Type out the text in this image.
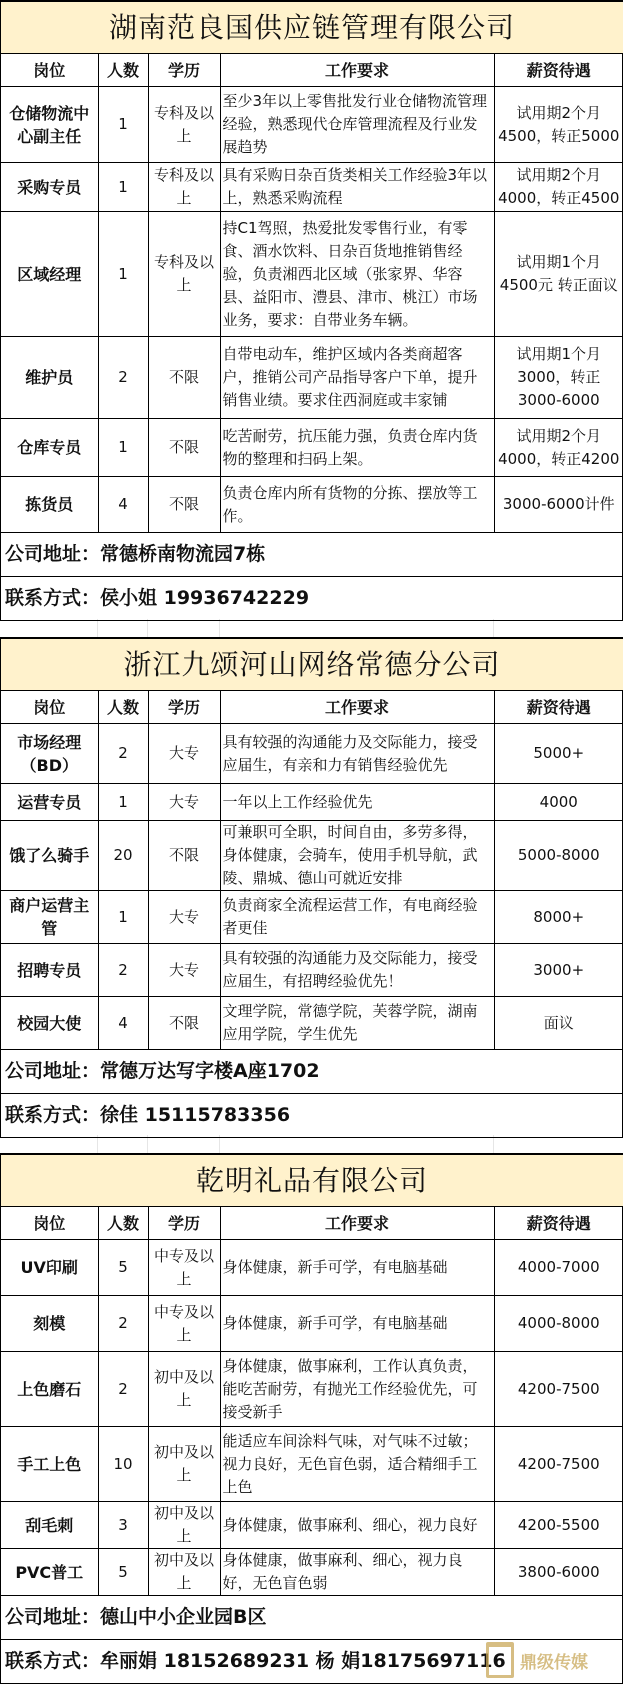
湖南范良国供应链管理有限公司				
岗位	人数	学历	工作要求	薪资待遇
仓储物流中心副主任	1	专科及以上	至少3年以上零售批发行业仓储物流管理经验，熟悉现代仓库管理流程及行业发展趋势	试用期2个月4500，转正5000
采购专员	1	专科及以上	具有采购日杂百货类相关工作经验3年以上，熟悉采购流程	试用期2个月4000，转正4500
区域经理	1	专科及以上	持C1驾照，热爱批发零售行业，有零食、酒水饮料、日杂百货地推销售经验，负责湘西北区域（张家界、华容县、益阳市、澧县、津市、桃江）市场业务，要求：自带业务车辆。	试用期1个月 4500元 转正面议
维护员	2	不限	自带电动车，维护区域内各类商超客户，推销公司产品指导客户下单，提升销售业绩。要求住西洞庭或丰家铺	试用期1个月3000，转正3000-6000
仓库专员	1	不限	吃苦耐劳，抗压能力强，负责仓库内货物的整理和扫码上架。	试用期2个月4000，转正4200
拣货员	4	不限	负责仓库内所有货物的分拣、摆放等工作。	3000-6000计件
公司地址：常德桥南物流园7栋				
联系方式：侯小姐 19936742229				
浙江九颂河山网络常德分公司				
岗位	人数	学历	工作要求	薪资待遇
市场经理（BD）	2	大专	具有较强的沟通能力及交际能力，接受应届生，有亲和力有销售经验优先	5000+
运营专员	1	大专	一年以上工作经验优先	4000
饿了么骑手	20	不限	可兼职可全职，时间自由，多劳多得，身体健康，会骑车，使用手机导航，武陵、鼎城、德山可就近安排	5000-8000
商户运营主管	1	大专	负责商家全流程运营工作，有电商经验者更佳	8000+
招聘专员	2	大专	具有较强的沟通能力及交际能力，接受应届生，有招聘经验优先！	3000+
校园大使	4	不限	文理学院，常德学院，芙蓉学院，湖南应用学院，学生优先	面议
公司地址：常德万达写字楼A座1702				
联系方式：徐佳 15115783356				
乾明礼品有限公司				
岗位	人数	学历	工作要求	薪资待遇
UV印刷	5	中专及以上	身体健康，新手可学，有电脑基础	4000-7000
刻模	2	中专及以上	身体健康，新手可学，有电脑基础	4000-8000
上色磨石	2	初中及以上	身体健康，做事麻利，工作认真负责，能吃苦耐劳，有抛光工作经验优先，可接受新手	4200-7500
手工上色	10	初中及以上	能适应车间涂料气味，对气味不过敏；视力良好，无色盲色弱，适合精细手工上色	4200-7500
刮毛刺	3	初中及以上	身体健康，做事麻利、细心，视力良好	4200-5500
PVC普工	5	初中及以上	身体健康，做事麻利、细心，视力良好，无色盲色弱	3800-6000
公司地址：德山中小企业园B区				
联系方式：牟丽娟 18152689231 杨 娟18175697116				鼎级传媒
